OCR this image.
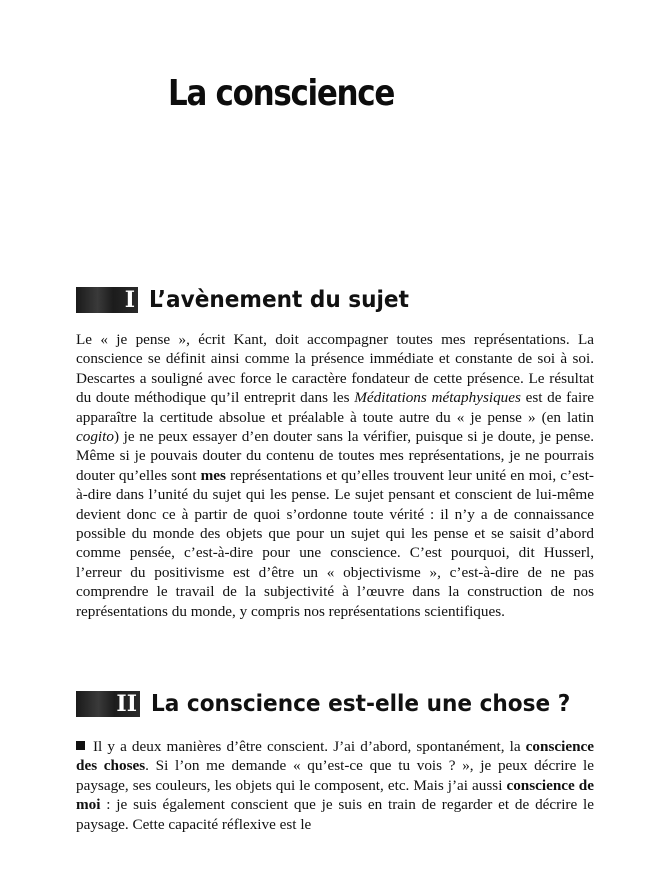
La conscience
I L’avènement du sujet

Le « je pense », écrit Kant, doit accompagner toutes mes représentations. La conscience se définit ainsi comme la présence immédiate et constante de soi à soi. Descartes a souligné avec force le caractère fondateur de cette présence. Le résultat du doute méthodique qu’il entreprit dans les Méditations métaphysiques est de faire apparaître la certitude absolue et préalable à toute autre du « je pense » (en latin cogito) je ne peux essayer d’en douter sans la vérifier, puisque si je doute, je pense. Même si je pouvais douter du contenu de toutes mes représentations, je ne pourrais douter qu’elles sont mes représentations et qu’elles trouvent leur unité en moi, c’est-à-dire dans l’unité du sujet qui les pense. Le sujet pensant et conscient de lui-même devient donc ce à partir de quoi s’ordonne toute vérité : il n’y a de connaissance possible du monde des objets que pour un sujet qui les pense et se saisit d’abord comme pensée, c’est-à-dire pour une conscience. C’est pourquoi, dit Husserl, l’erreur du positivisme est d’être un « objectivisme », c’est-à-dire de ne pas comprendre le travail de la subjectivité à l’œuvre dans la construction de nos représentations du monde, y compris nos représentations scientifiques.

II La conscience est-elle une chose ?

Il y a deux manières d’être conscient. J’ai d’abord, spontanément, la conscience des choses. Si l’on me demande « qu’est-ce que tu vois ? », je peux décrire le paysage, ses couleurs, les objets qui le composent, etc. Mais j’ai aussi conscience de moi : je suis également conscient que je suis en train de regarder et de décrire le paysage. Cette capacité réflexive est le
